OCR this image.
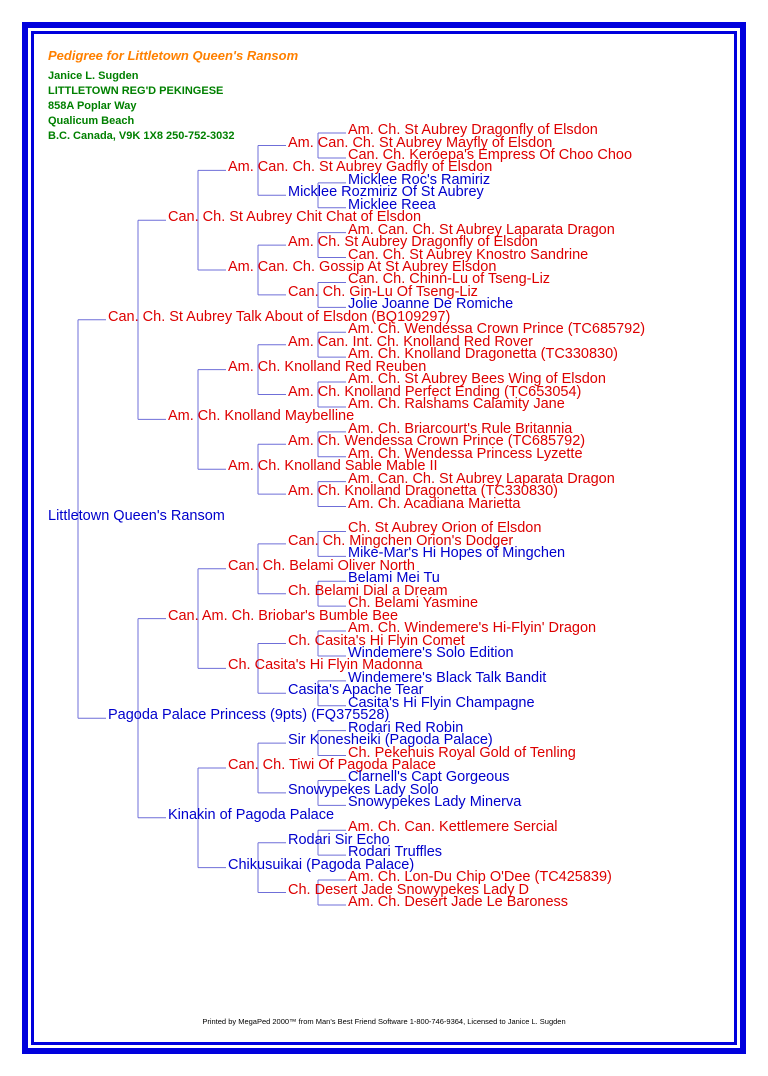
Pedigree for Littletown Queen's Ransom
Janice L. Sugden
LITTLETOWN REG'D PEKINGESE
858A Poplar Way
Qualicum Beach
B.C. Canada, V9K 1X8 250-752-3032
Littletown Queen's Ransom
Can. Ch. St Aubrey Talk About of Elsdon (BQ109297)
Pagoda Palace Princess (9pts) (FQ375528)
Can. Ch. St Aubrey Chit Chat of Elsdon
Am. Ch. Knolland Maybelline
Can. Am. Ch. Briobar's Bumble Bee
Kinakin of Pagoda Palace
Am. Can. Ch. St Aubrey Gadfly of Elsdon
Am. Can. Ch. Gossip At St Aubrey Elsdon
Am. Ch. Knolland Red Reuben
Am. Ch. Knolland Sable Mable II
Can. Ch. Belami Oliver North
Ch. Casita's Hi Flyin Madonna
Can. Ch. Tiwi Of Pagoda Palace
Chikusuikai (Pagoda Palace)
Am. Can. Ch. St Aubrey Mayfly of Elsdon
Micklee Rozmiriz Of St Aubrey
Am. Ch. St Aubrey Dragonfly of Elsdon
Can. Ch. Gin-Lu Of Tseng-Liz
Am. Can. Int. Ch. Knolland Red Rover
Am. Ch. Knolland Perfect Ending (TC653054)
Am. Ch. Wendessa Crown Prince (TC685792)
Am. Ch. Knolland Dragonetta (TC330830)
Can. Ch. Mingchen Orion's Dodger
Ch. Belami Dial a Dream
Ch. Casita's Hi Flyin Comet
Casita's Apache Tear
Sir Konesheiki (Pagoda Palace)
Snowypekes Lady Solo
Rodari Sir Echo
Ch. Desert Jade Snowypekes Lady D
Am. Ch. St Aubrey Dragonfly of Elsdon
Can. Ch. Keroepa's Empress Of Choo Choo
Micklee Roc's Ramiriz
Micklee Reea
Am. Can. Ch. St Aubrey Laparata Dragon
Can. Ch. St Aubrey Knostro Sandrine
Can. Ch. Chinn-Lu of Tseng-Liz
Jolie Joanne De Romiche
Am. Ch. Wendessa Crown Prince (TC685792)
Am. Ch. Knolland Dragonetta (TC330830)
Am. Ch. St Aubrey Bees Wing of Elsdon
Am. Ch. Ralshams Calamity Jane
Am. Ch. Briarcourt's Rule Britannia
Am. Ch. Wendessa Princess Lyzette
Am. Can. Ch. St Aubrey Laparata Dragon
Am. Ch. Acadiana Marietta
Ch. St Aubrey Orion of Elsdon
Mike-Mar's Hi Hopes of Mingchen
Belami Mei Tu
Ch. Belami Yasmine
Am. Ch. Windemere's Hi-Flyin' Dragon
Windemere's Solo Edition
Windemere's Black Talk Bandit
Casita's Hi Flyin Champagne
Rodari Red Robin
Ch. Pekehuis Royal Gold of Tenling
Clarnell's Capt Gorgeous
Snowypekes Lady Minerva
Am. Ch. Can. Kettlemere Sercial
Rodari Truffles
Am. Ch. Lon-Du Chip O'Dee (TC425839)
Am. Ch. Desert Jade Le Baroness
Printed by MegaPed 2000™ from Man's Best Friend Software 1-800-746-9364, Licensed to Janice L. Sugden
